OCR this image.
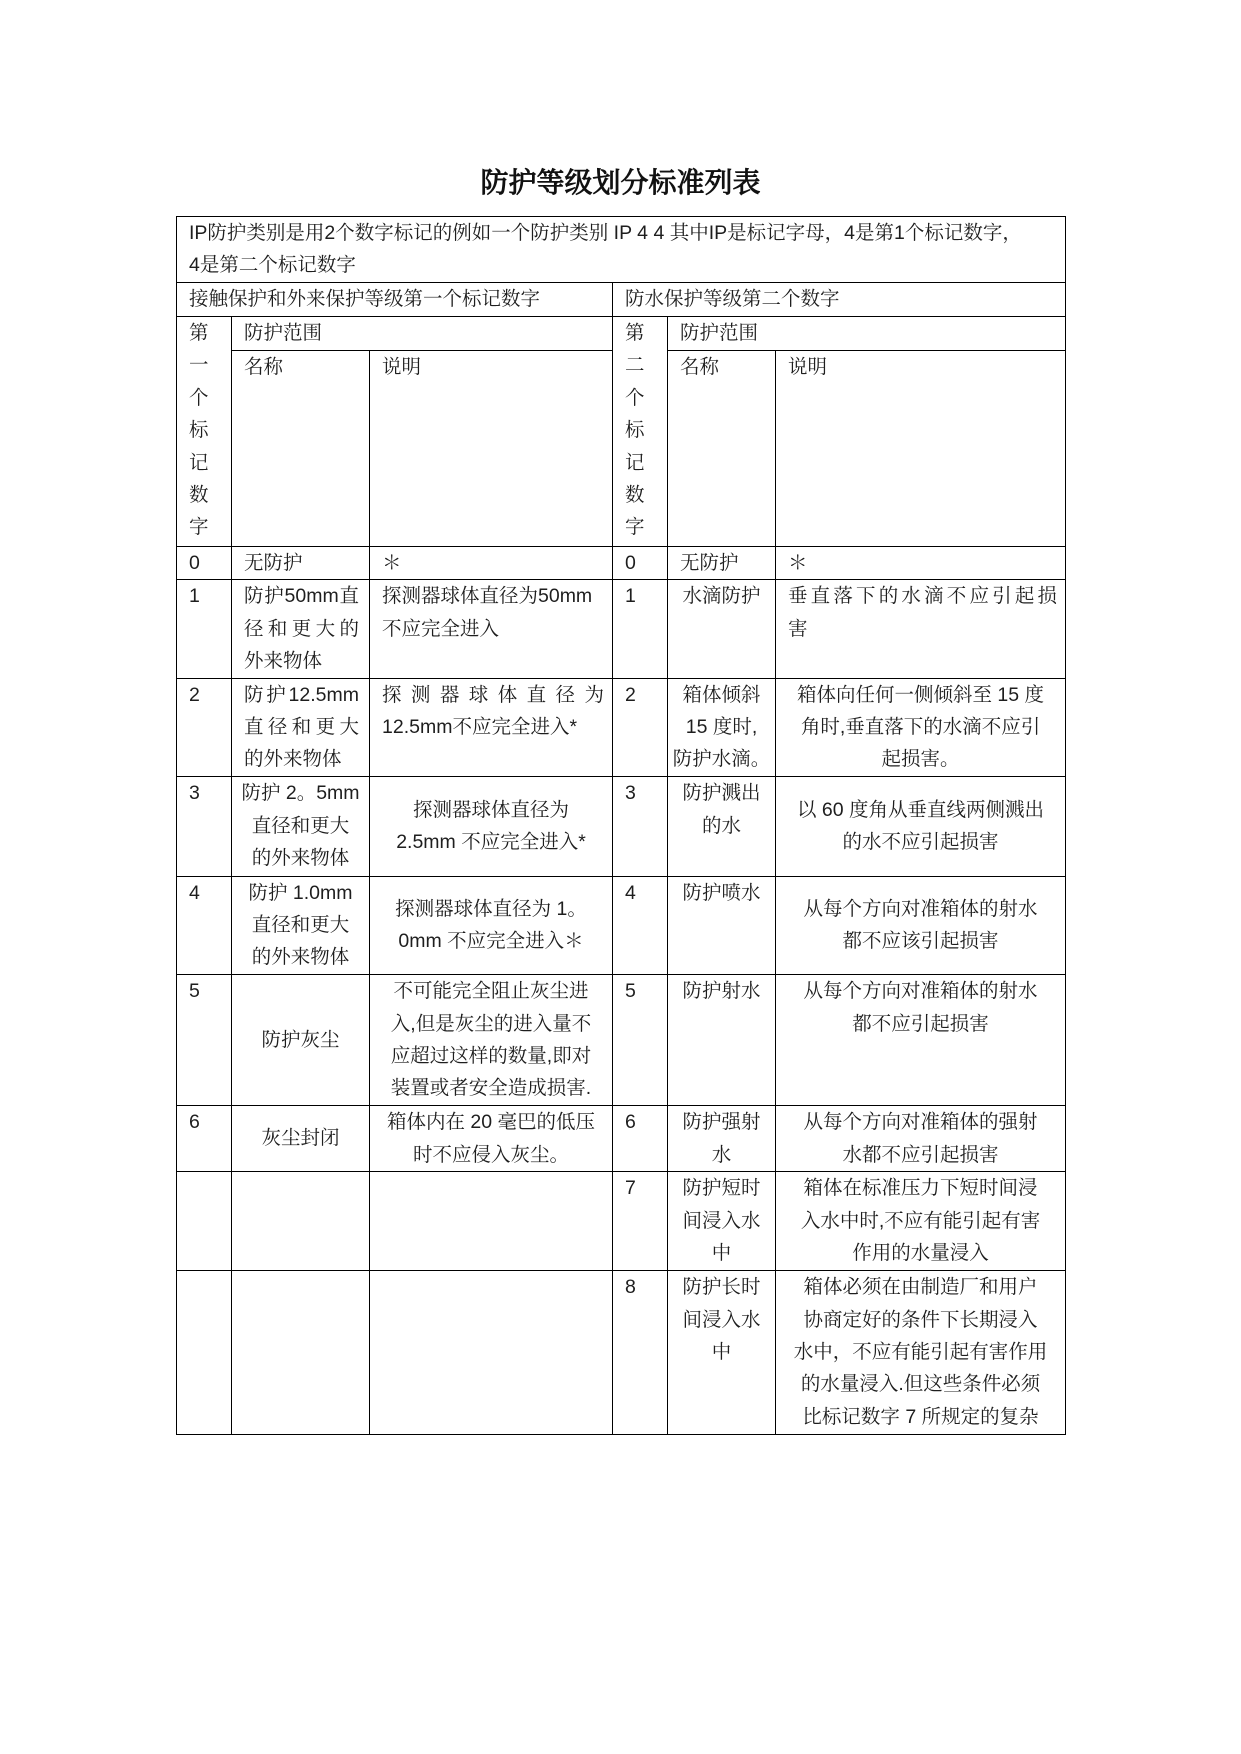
防护等级划分标准列表
IP防护类别是用2个数字标记的例如一个防护类别 IP 4 4 其中IP是标记字母，4是第1个标记数字，
4是第二个标记数字					

接触保护和外来保护等级第一个标记数字			防水保护等级第二个数字		

第一个标记数字	防护范围		第二个标记数字	防护范围	
	名称	说明		名称	说明
0	无防护	＊	0	无防护	＊

1	防护50mm直
径和更大的
外来物体	探测器球体直径为50mm
不应完全进入	1	水滴防护	垂直落下的水滴不应引起损
害

2	防护12.5mm
直径和更大
的外来物体	探测器球体直径为
12.5mm不应完全进入*	2	箱体倾斜
15 度时,
防护水滴。	箱体向任何一侧倾斜至 15 度
角时,垂直落下的水滴不应引
起损害。

3	防护 2。5mm
直径和更大
的外来物体	探测器球体直径为
2.5mm 不应完全进入*	3	防护溅出
的水	以 60 度角从垂直线两侧溅出
的水不应引起损害

4	防护 1.0mm
直径和更大
的外来物体	探测器球体直径为 1。
0mm 不应完全进入＊	4	防护喷水	从每个方向对准箱体的射水
都不应该引起损害

5	防护灰尘	不可能完全阻止灰尘进
入,但是灰尘的进入量不
应超过这样的数量,即对
装置或者安全造成损害.	5	防护射水	从每个方向对准箱体的射水
都不应引起损害

6	灰尘封闭	箱体内在 20 毫巴的低压
时不应侵入灰尘。	6	防护强射
水	从每个方向对准箱体的强射
水都不应引起损害

			7	防护短时
间浸入水
中	箱体在标准压力下短时间浸
入水中时,不应有能引起有害
作用的水量浸入

			8	防护长时
间浸入水
中	箱体必须在由制造厂和用户
协商定好的条件下长期浸入
水中，不应有能引起有害作用
的水量浸入.但这些条件必须
比标记数字 7 所规定的复杂
